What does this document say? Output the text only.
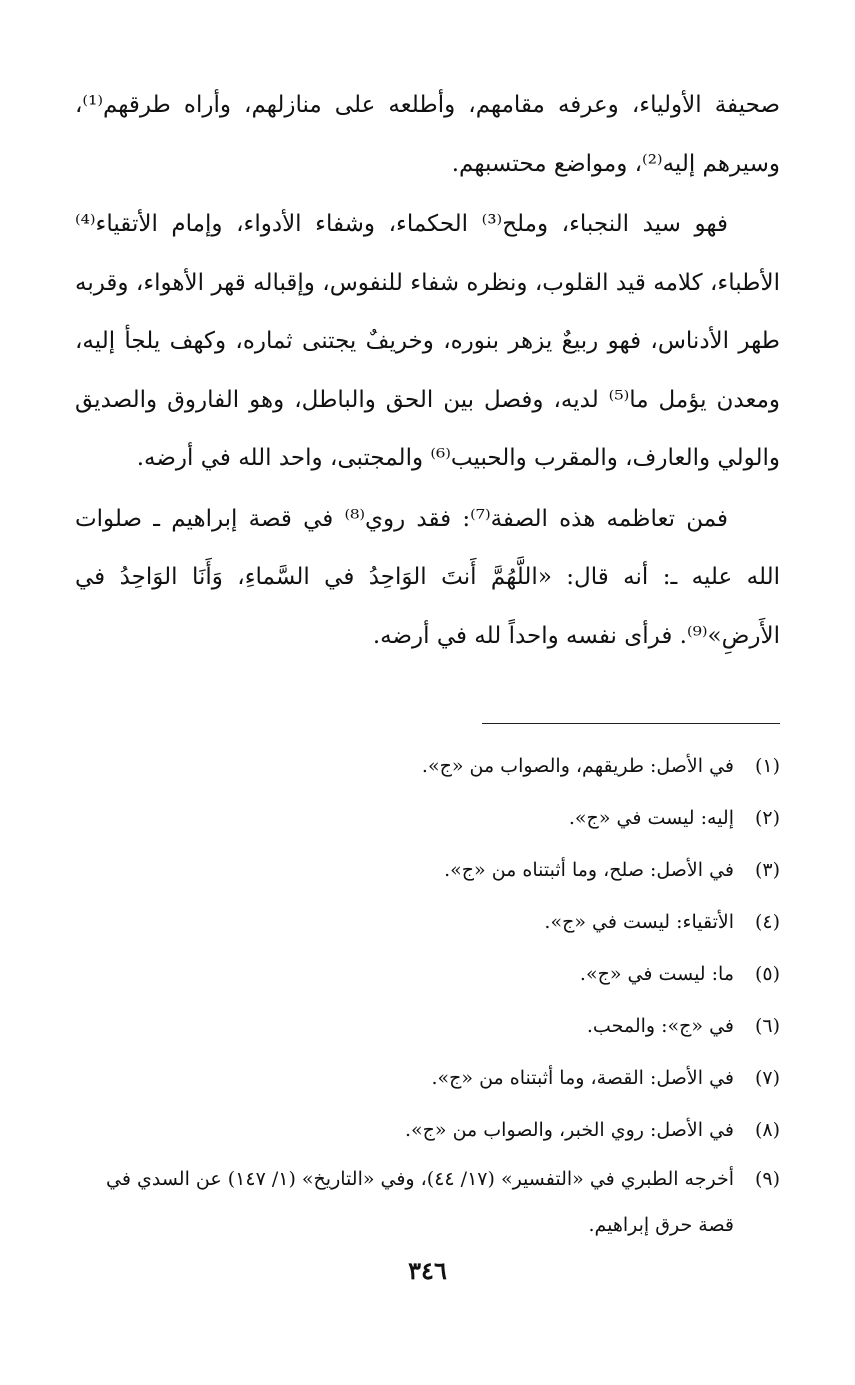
صحيفة الأولياء، وعرفه مقامهم، وأطلعه على منازلهم، وأراه طرقهم⁽¹⁾، وسيرهم إليه⁽²⁾، ومواضع محتسبهم.

فهو سيد النجباء، وملح⁽³⁾ الحكماء، وشفاء الأدواء، وإمام الأتقياء⁽⁴⁾ الأطباء، كلامه قيد القلوب، ونظره شفاء للنفوس، وإقباله قهر الأهواء، وقربه طهر الأدناس، فهو ربيعٌ يزهر بنوره، وخريفٌ يجتنى ثماره، وكهف يلجأ إليه، ومعدن يؤمل ما⁽⁵⁾ لديه، وفصل بين الحق والباطل، وهو الفاروق والصديق والولي والعارف، والمقرب والحبيب⁽⁶⁾ والمجتبى، واحد الله في أرضه.

فمن تعاظمه هذه الصفة⁽⁷⁾: فقد روي⁽⁸⁾ في قصة إبراهيم ـ صلوات الله عليه ـ: أنه قال: «اللَّهُمَّ أَنتَ الوَاحِدُ في السَّماءِ، وَأَنَا الوَاحِدُ في الأَرضِ»⁽⁹⁾. فرأى نفسه واحداً لله في أرضه.

(١)
في الأصل: طريقهم، والصواب من «ج».
(٢)
إليه: ليست في «ج».
(٣)
في الأصل: صلح، وما أثبتناه من «ج».
(٤)
الأتقياء: ليست في «ج».
(٥)
ما: ليست في «ج».
(٦)
في «ج»: والمحب.
(٧)
في الأصل: القصة، وما أثبتناه من «ج».
(٨)
في الأصل: روي الخبر، والصواب من «ج».
(٩)
أخرجه الطبري في «التفسير» (١٧/ ٤٤)، وفي «التاريخ» (١/ ١٤٧) عن السدي في قصة حرق إبراهيم.
٣٤٦
